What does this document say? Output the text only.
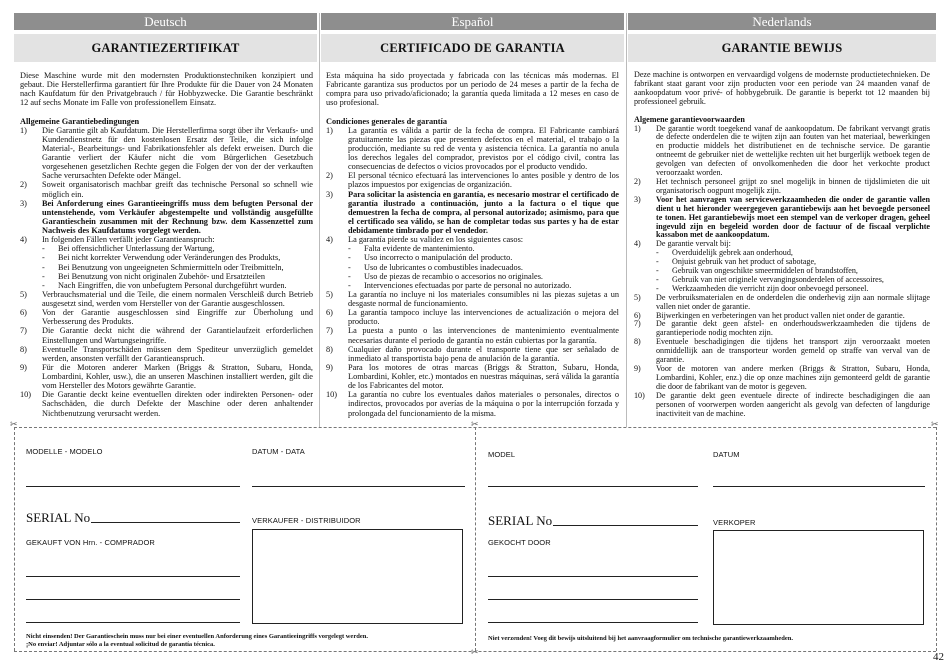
Deutsch	Español	Nederlands
GARANTIEZERTIFIKAT	CERTIFICADO DE GARANTIA	GARANTIE BEWIJS

Diese Maschine wurde mit den modernsten Produktionstechniken konzipiert und gebaut. Die Herstellerfirma garantiert für Ihre Produkte für die Dauer von 24 Monaten nach Kaufdatum für den Privatgebrauch / für Hobbyzwecke. Die Garantie beschränkt 12 auf sechs Monate im Falle von professionellem Einsatz.

Allgemeine Garantiebedingungen
1)	Die Garantie gilt ab Kaufdatum. Die Herstellerfirma sorgt über ihr Verkaufs- und Kundendienstnetz für den kostenlosen Ersatz der Teile, die sich infolge Material-, Bearbeitungs- und Fabrikationsfehler als defekt erweisen. Durch die Garantie verliert der Käufer nicht die vom Bürgerlichen Gesetzbuch vorgesehenen gesetzlichen Rechte gegen die Folgen der von der der verkauften Sache verursachten Defekte oder Mängel.
2)	Soweit organisatorisch machbar greift das technische Personal so schnell wie möglich ein.
3)	Bei Anforderung eines Garantieeingriffs muss dem befugten Personal der untenstehende, vom Verkäufer abgestempelte und vollständig ausgefüllte Garantieschein zusammen mit der Rechnung bzw. dem Kassenzettel zum Nachweis des Kaufdatums vorgelegt werden.
4)	In folgenden Fällen verfällt jeder Garantieanspruch:
-	Bei offensichtlicher Unterlassung der Wartung,
-	Bei nicht korrekter Verwendung oder Veränderungen des Produkts,
-	Bei Benutzung von ungeeigneten Schmiermitteln oder Treibmitteln,
-	Bei Benutzung von nicht originalen Zubehör- und Ersatzteilen
-	Nach Eingriffen, die von unbefugtem Personal durchgeführt wurden.
5)	Verbrauchsmaterial und die Teile, die einem normalen Verschleiß durch Betrieb ausgesetzt sind, werden vom Hersteller von der Garantie ausgeschlossen.
6)	Von der Garantie ausgeschlossen sind Eingriffe zur Überholung und Verbesserung des Produkts.
7)	Die Garantie deckt nicht die während der Garantielaufzeit erforderlichen Einstellungen und Wartungseingriffe.
8)	Eventuelle Transportschäden müssen dem Spediteur unverzüglich gemeldet werden, ansonsten verfällt der Garantieanspruch.
9)	Für die Motoren anderer Marken (Briggs & Stratton, Subaru, Honda, Lombardini, Kohler, usw.), die an unseren Maschinen installiert werden, gilt die vom Hersteller des Motors gewährte Garantie.
10)	Die Garantie deckt keine eventuellen direkten oder indirekten Personen- oder Sachschäden, die durch Defekte der Maschine oder deren anhaltender Nichtbenutzung verursacht werden.

Esta máquina ha sido proyectada y fabricada con las técnicas más modernas. El Fabricante garantiza sus productos por un periodo de 24 meses a partir de la fecha de compra para uso privado/aficionado; la garantía queda limitada a 12 meses en caso de uso profesional.

Condiciones generales de garantía
1)	La garantía es válida a partir de la fecha de compra. El Fabricante cambiará gratuitamente las piezas que presenten defectos en el material, el trabajo o la producción, mediante su red de venta y asistencia técnica. La garantía no anula los derechos legales del comprador, previstos por el código civil, contra las consecuencias de defectos o vicios provocados por el producto vendido.
2)	El personal técnico efectuará las intervenciones lo antes posible y dentro de los plazos impuestos por exigencias de organización.
3)	Para solicitar la asistencia en garantía, es necesario mostrar el certificado de garantía ilustrado a continuación, junto a la factura o el tique que demuestren la fecha de compra, al personal autorizado; asimismo, para que el certificado sea válido, se han de completar todas sus partes y ha de estar debidamente timbrado por el vendedor.
4)	La garantía pierde su validez en los siguientes casos:
-	Falta evidente de mantenimiento.
-	Uso incorrecto o manipulación del producto.
-	Uso de lubricantes o combustibles inadecuados.
-	Uso de piezas de recambio o accesorios no originales.
-	Intervenciones efectuadas por parte de personal no autorizado.
5)	La garantía no incluye ni los materiales consumibles ni las piezas sujetas a un desgaste normal de funcionamiento.
6)	La garantía tampoco incluye las intervenciones de actualización o mejora del producto.
7)	La puesta a punto o las intervenciones de mantenimiento eventualmente necesarias durante el periodo de garantía no están cubiertas por la garantía.
8)	Cualquier daño provocado durante el transporte tiene que ser señalado de inmediato al transportista bajo pena de anulación de la garantía.
9)	Para los motores de otras marcas (Briggs & Stratton, Subaru, Honda, Lombardini, Kohler, etc.) montados en nuestras máquinas, será válida la garantía de los Fabricantes del motor.
10)	La garantía no cubre los eventuales daños materiales o personales, directos o indirectos, provocados por averías de la máquina o por la interrupción forzada y prolongada del funcionamiento de la misma.

Deze machine is ontworpen en vervaardigd volgens de modernste productietechnieken. De fabrikant staat garant voor zijn producten voor een periode van 24 maanden vanaf de aankoopdatum voor privé- of hobbygebruik. De garantie is beperkt tot 12 maanden bij professioneel gebruik.

Algemene garantievoorwaarden
1)	De garantie wordt toegekend vanaf de aankoopdatum. De fabrikant vervangt gratis de defecte onderdelen die te wijten zijn aan fouten van het materiaal, bewerkingen en productie middels het distributienet en de technische service. De garantie ontneemt de gebruiker niet de wettelijke rechten uit het burgerlijk wetboek tegen de gevolgen van defecten of onvolkomenheden die door het verkochte product veroorzaakt worden.
2)	Het technisch personeel grijpt zo snel mogelijk in binnen de tijdslimieten die uit organisatorisch oogpunt mogelijk zijn.
3)	Voor het aanvragen van servicewerkzaamheden die onder de garantie vallen dient u het hieronder weergegeven garantiebewijs aan het bevoegde personeel te tonen. Het garantiebewijs moet een stempel van de verkoper dragen, geheel ingevuld zijn en begeleid worden door de factuur of de fiscaal verplichte kassabon met de aankoopdatum.
4)	De garantie vervalt bij:
-	Overduidelijk gebrek aan onderhoud,
-	Onjuist gebruik van het product of sabotage,
-	Gebruik van ongeschikte smeermiddelen of brandstoffen,
-	Gebruik van niet originele vervangingsonderdelen of accessoires,
-	Werkzaamheden die verricht zijn door onbevoegd personeel.
5)	De verbruiksmaterialen en de onderdelen die onderhevig zijn aan normale slijtage vallen niet onder de garantie.
6)	Bijwerkingen en verbeteringen van het product vallen niet onder de garantie.
7)	De garantie dekt geen afstel- en onderhoudswerkzaamheden die tijdens de garantieperiode nodig mochten zijn.
8)	Eventuele beschadigingen die tijdens het transport zijn veroorzaakt moeten onmiddellijk aan de transporteur worden gemeld op straffe van verval van de garantie.
9)	Voor de motoren van andere merken (Briggs & Stratton, Subaru, Honda, Lombardini, Kohler, enz.) die op onze machines zijn gemonteerd geldt de garantie die door de fabrikant van de motor is gegeven.
10)	De garantie dekt geen eventuele directe of indirecte beschadigingen die aan personen of voorwerpen worden aangericht als gevolg van defecten of langdurige inactiviteit van de machine.
✂	✂
✂
✂
MODELLE - MODELO	DATUM - DATA
SERIAL No	VERKAUFER - DISTRIBUIDOR
GEKAUFT VON Hrn. - COMPRADOR
Nicht einsenden! Der Garantieschein muss nur bei einer eventuellen Anforderung eines Garantieeingriffs vorgelegt werden.
¡No enviar! Adjuntar sólo a la eventual solicitud de garantía técnica.
MODEL	DATUM
SERIAL No	VERKOPER
GEKOCHT DOOR
Niet verzenden! Voeg dit bewijs uitsluitend bij het aanvraagformulier om technische garantiewerkzaamheden.
42
